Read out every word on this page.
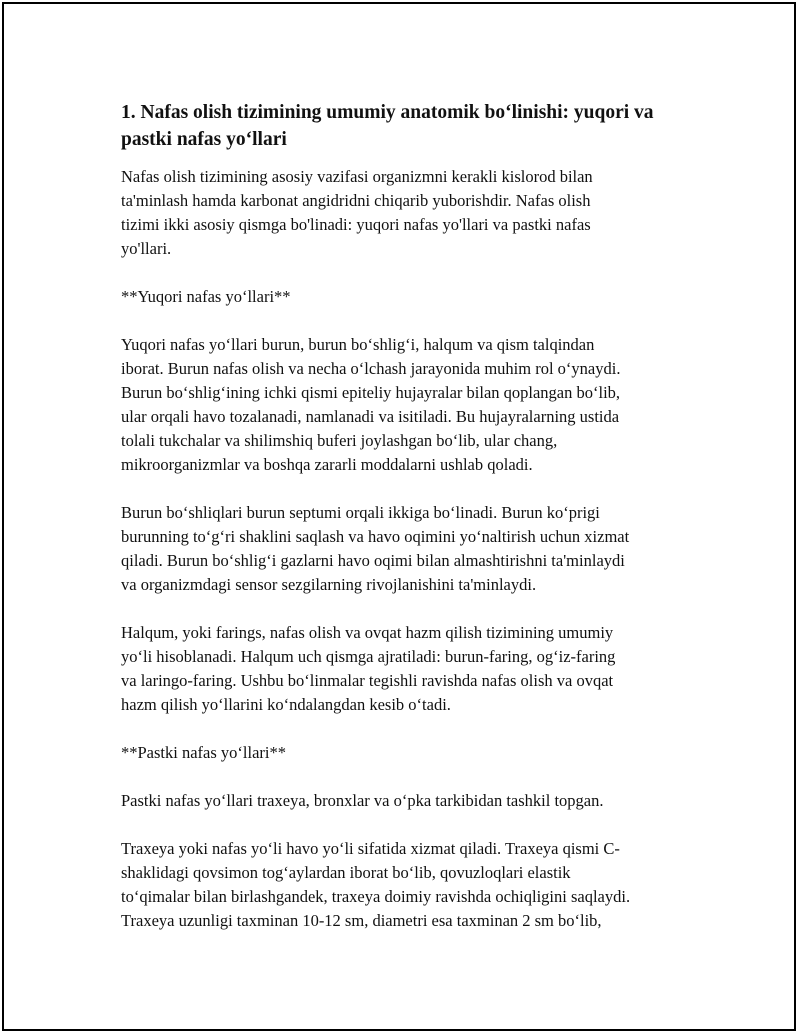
1. Nafas olish tizimining umumiy anatomik bo‘linishi: yuqori va pastki nafas yo‘llari

Nafas olish tizimining asosiy vazifasi organizmni kerakli kislorod bilan
ta'minlash hamda karbonat angidridni chiqarib yuborishdir. Nafas olish
tizimi ikki asosiy qismga bo'linadi: yuqori nafas yo'llari va pastki nafas
yo'llari.

**Yuqori nafas yo‘llari**

Yuqori nafas yo‘llari burun, burun bo‘shlig‘i, halqum va qism talqindan
iborat. Burun nafas olish va necha o‘lchash jarayonida muhim rol o‘ynaydi.
Burun bo‘shlig‘ining ichki qismi epiteliy hujayralar bilan qoplangan bo‘lib,
ular orqali havo tozalanadi, namlanadi va isitiladi. Bu hujayralarning ustida
tolali tukchalar va shilimshiq buferi joylashgan bo‘lib, ular chang,
mikroorganizmlar va boshqa zararli moddalarni ushlab qoladi.

Burun bo‘shliqlari burun septumi orqali ikkiga bo‘linadi. Burun ko‘prigi
burunning to‘g‘ri shaklini saqlash va havo oqimini yo‘naltirish uchun xizmat
qiladi. Burun bo‘shlig‘i gazlarni havo oqimi bilan almashtirishni ta'minlaydi
va organizmdagi sensor sezgilarning rivojlanishini ta'minlaydi.

Halqum, yoki farings, nafas olish va ovqat hazm qilish tizimining umumiy
yo‘li hisoblanadi. Halqum uch qismga ajratiladi: burun-faring, og‘iz-faring
va laringo-faring. Ushbu bo‘linmalar tegishli ravishda nafas olish va ovqat
hazm qilish yo‘llarini ko‘ndalangdan kesib o‘tadi.

**Pastki nafas yo‘llari**

Pastki nafas yo‘llari traxeya, bronxlar va o‘pka tarkibidan tashkil topgan.

Traxeya yoki nafas yo‘li havo yo‘li sifatida xizmat qiladi. Traxeya qismi C-
shaklidagi qovsimon tog‘aylardan iborat bo‘lib, qovuzloqlari elastik
to‘qimalar bilan birlashgandek, traxeya doimiy ravishda ochiqligini saqlaydi.
Traxeya uzunligi taxminan 10-12 sm, diametri esa taxminan 2 sm bo‘lib,
